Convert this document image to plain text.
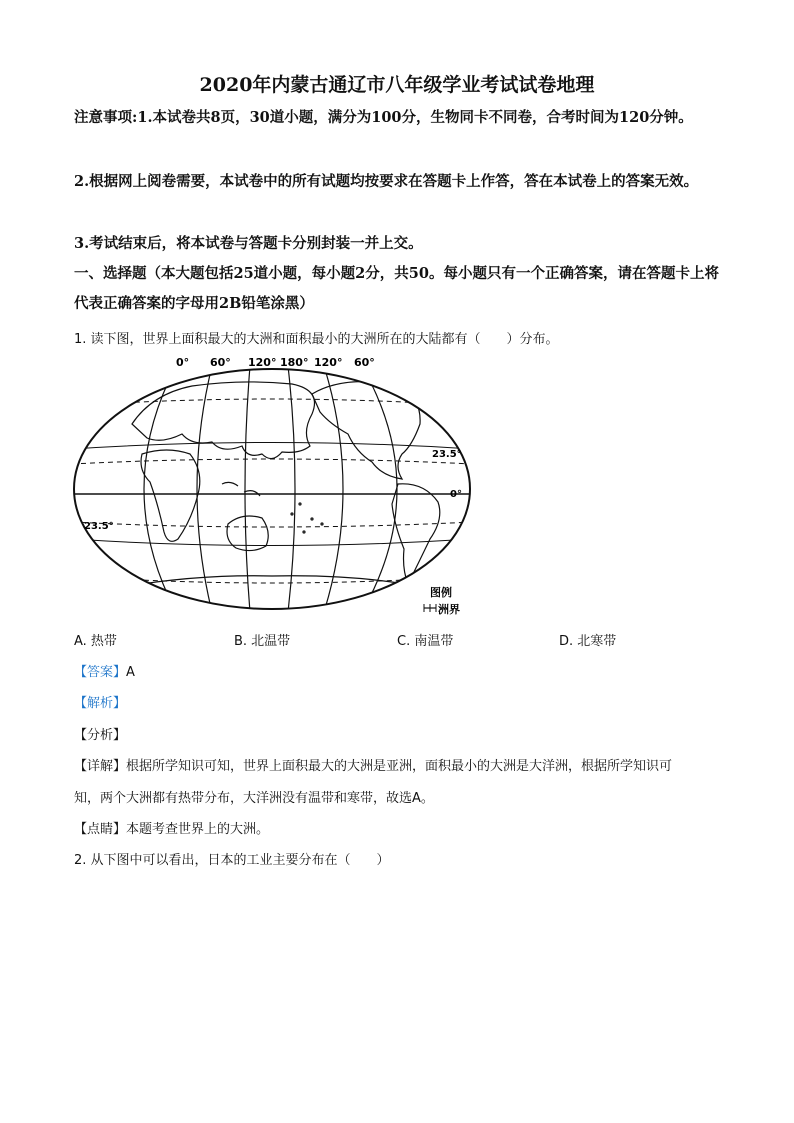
2020年内蒙古通辽市八年级学业考试试卷地理
注意事项:1.本试卷共8页，30道小题，满分为100分，生物同卡不同卷，合考时间为120分钟。
2.根据网上阅卷需要，本试卷中的所有试题均按要求在答题卡上作答，答在本试卷上的答案无效。
3.考试结束后，将本试卷与答题卡分别封装一并上交。
一、选择题（本大题包括25道小题，每小题2分，共50。每小题只有一个正确答案，请在答题卡上将代表正确答案的字母用2B铅笔涂黑）
1. 读下图，世界上面积最大的大洲和面积最小的大洲所在的大陆都有（　　）分布。
0° 60° 120° 180° 120° 60°
23.5°
0°
23.5°
图例
洲界
A. 热带	B. 北温带	C. 南温带	D. 北寒带
【答案】A
【解析】
【分析】
【详解】根据所学知识可知，世界上面积最大的大洲是亚洲，面积最小的大洲是大洋洲，根据所学知识可
知，两个大洲都有热带分布，大洋洲没有温带和寒带，故选A。
【点睛】本题考查世界上的大洲。
2. 从下图中可以看出，日本的工业主要分布在（　　）
